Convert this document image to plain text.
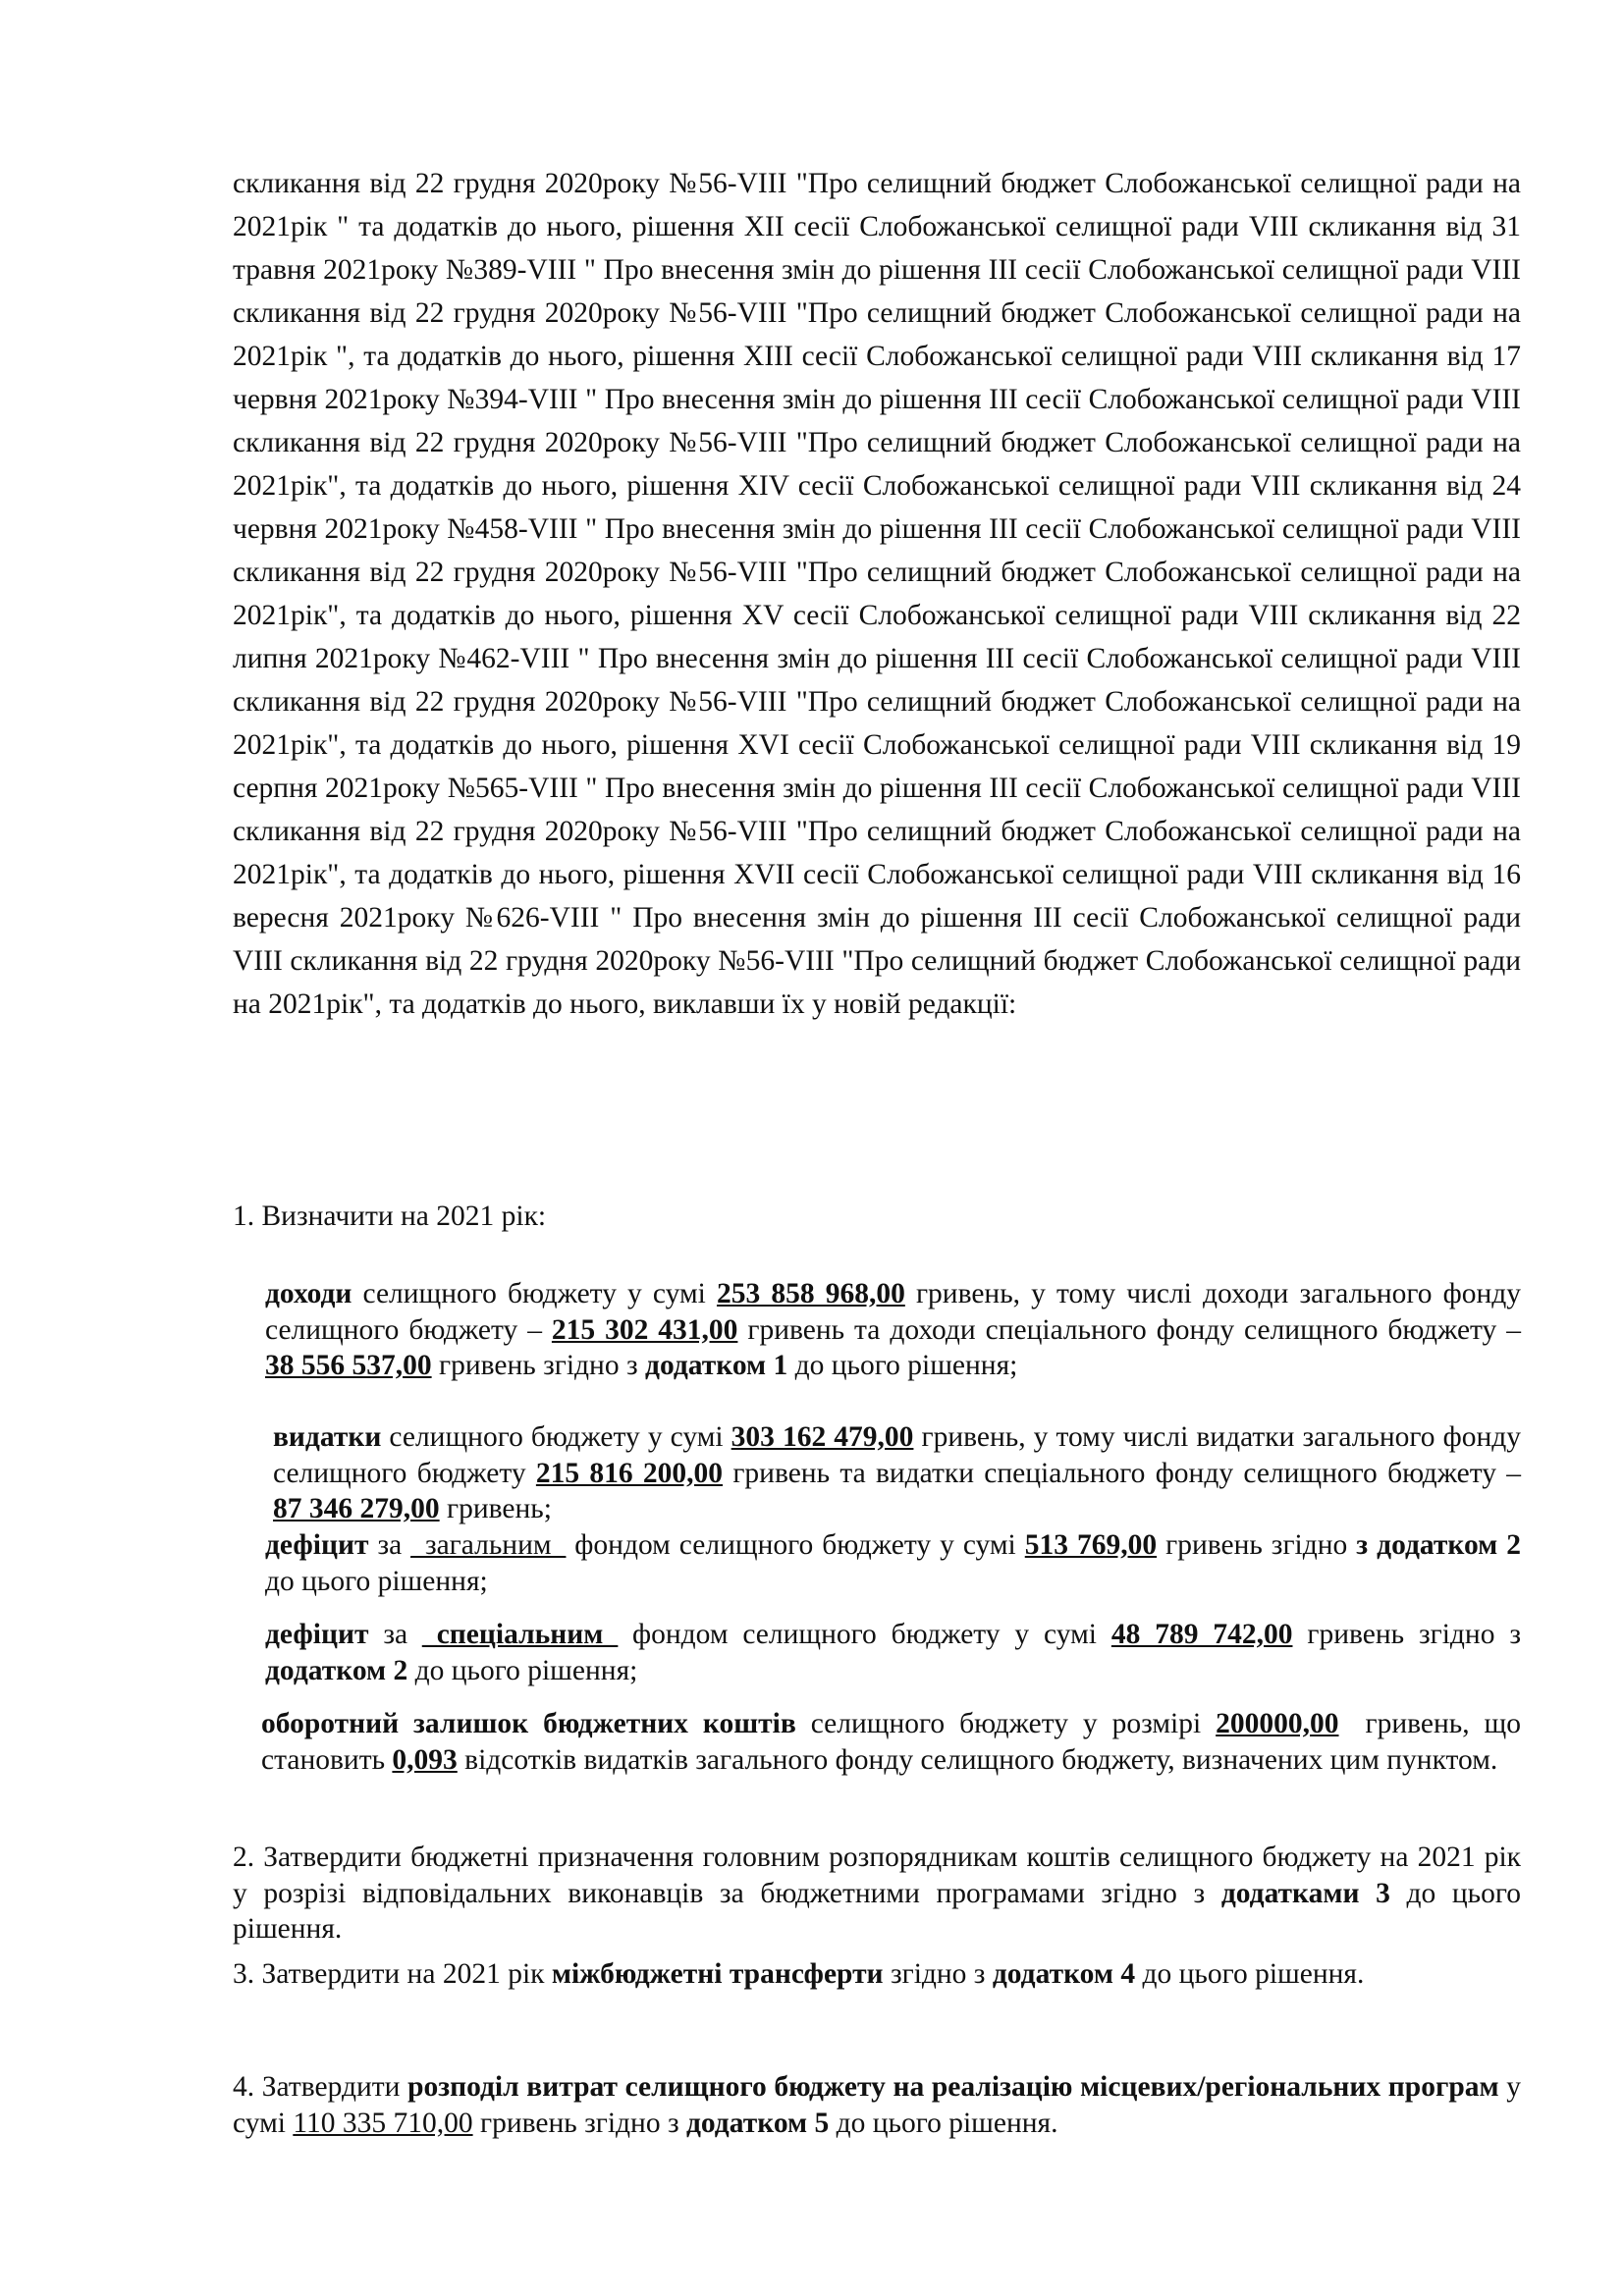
скликання від 22 грудня 2020року №56-VIII "Про селищний бюджет Слобожанської селищної ради на 2021рік " та додатків до нього, рішення XII сесії Слобожанської селищної ради VIII скликання від 31 травня 2021року №389-VIII " Про внесення змін до рішення III сесії Слобожанської селищної ради VIII скликання від 22 грудня 2020року №56-VIII "Про селищний бюджет Слобожанської селищної ради на 2021рік ", та додатків до нього, рішення XIII сесії Слобожанської селищної ради VIII скликання від 17 червня 2021року №394-VIII " Про внесення змін до рішення III сесії Слобожанської селищної ради VIII скликання від 22 грудня 2020року №56-VIII "Про селищний бюджет Слобожанської селищної ради на 2021рік", та додатків до нього, рішення XIV сесії Слобожанської селищної ради VIII скликання від 24 червня 2021року №458-VIII " Про внесення змін до рішення III сесії Слобожанської селищної ради VIII скликання від 22 грудня 2020року №56-VIII "Про селищний бюджет Слобожанської селищної ради на 2021рік", та додатків до нього, рішення XV сесії Слобожанської селищної ради VIII скликання від 22 липня 2021року №462-VIII " Про внесення змін до рішення III сесії Слобожанської селищної ради VIII скликання від 22 грудня 2020року №56-VIII "Про селищний бюджет Слобожанської селищної ради на 2021рік", та додатків до нього, рішення XVI сесії Слобожанської селищної ради VIII скликання від 19 серпня 2021року №565-VIII " Про внесення змін до рішення III сесії Слобожанської селищної ради VIII скликання від 22 грудня 2020року №56-VIII "Про селищний бюджет Слобожанської селищної ради на 2021рік", та додатків до нього, рішення XVII сесії Слобожанської селищної ради VIII скликання від 16 вересня 2021року №626-VIII " Про внесення змін до рішення III сесії Слобожанської селищної ради VIII скликання від 22 грудня 2020року №56-VIII "Про селищний бюджет Слобожанської селищної ради на 2021рік", та додатків до нього, виклавши їх у новій редакції:

1. Визначити на 2021 рік:

доходи селищного бюджету у сумі 253 858 968,00 гривень, у тому числі доходи загального фонду селищного бюджету – 215 302 431,00 гривень та доходи спеціального фонду селищного бюджету – 38 556 537,00 гривень згідно з додатком 1 до цього рішення;

видатки селищного бюджету у сумі 303 162 479,00 гривень, у тому числі видатки загального фонду селищного бюджету 215 816 200,00 гривень та видатки спеціального фонду селищного бюджету – 87 346 279,00 гривень;

дефіцит за _загальним_ фондом селищного бюджету у сумі 513 769,00 гривень згідно з додатком 2 до цього рішення;

дефіцит за _спеціальним_ фондом селищного бюджету у сумі 48 789 742,00 гривень згідно з додатком 2 до цього рішення;

оборотний залишок бюджетних коштів селищного бюджету у розмірі 200000,00 гривень, що становить 0,093 відсотків видатків загального фонду селищного бюджету, визначених цим пунктом.

2. Затвердити бюджетні призначення головним розпорядникам коштів селищного бюджету на 2021 рік у розрізі відповідальних виконавців за бюджетними програмами згідно з додатками 3 до цього рішення.

3. Затвердити на 2021 рік міжбюджетні трансферти згідно з додатком 4 до цього рішення.

4. Затвердити розподіл витрат селищного бюджету на реалізацію місцевих/регіональних програм у сумі 110 335 710,00 гривень згідно з додатком 5 до цього рішення.
